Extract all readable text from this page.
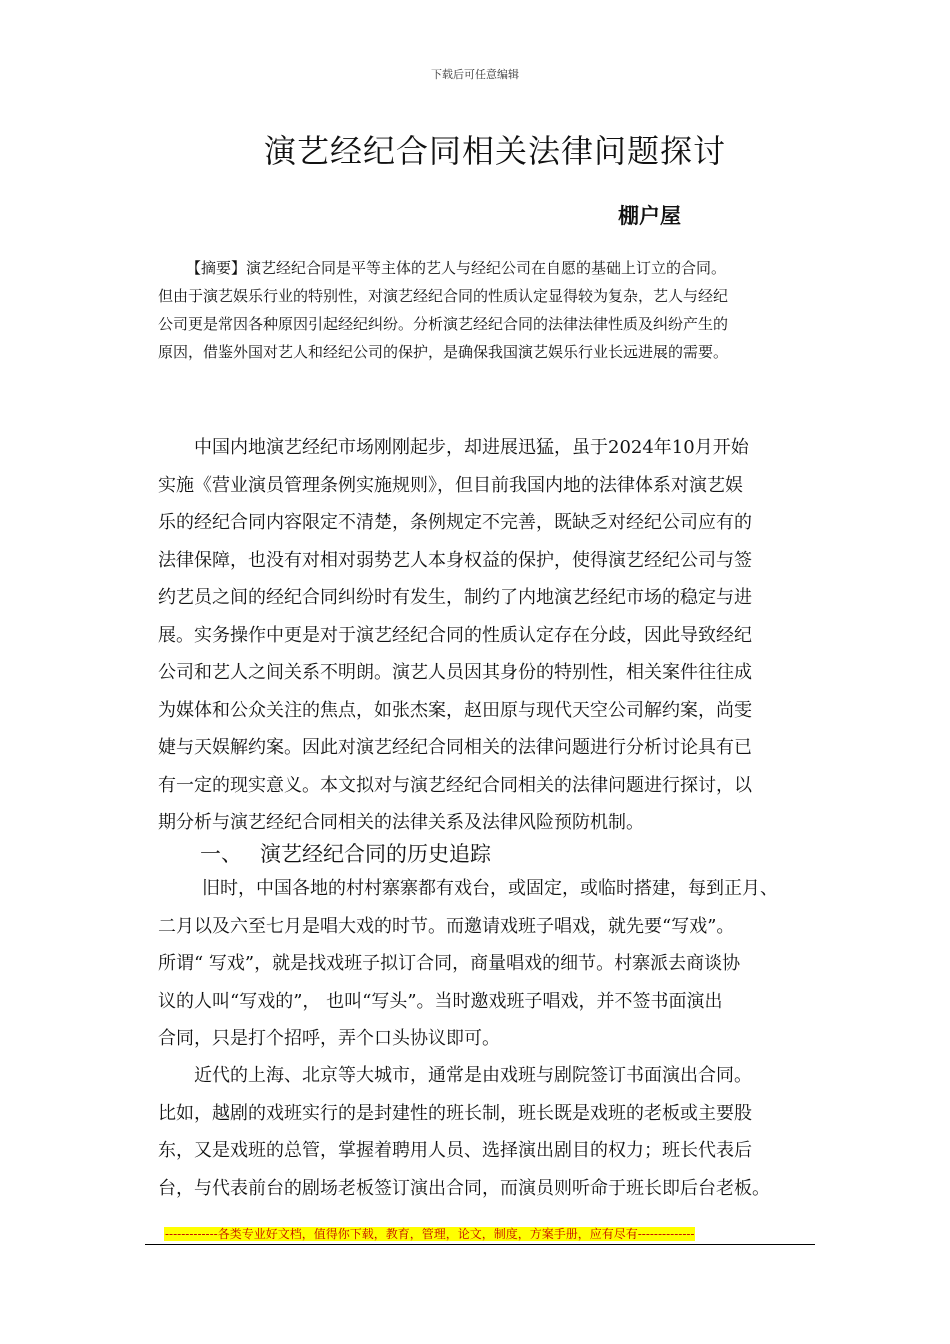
下载后可任意编辑
演艺经纪合同相关法律问题探讨
棚户屋
【摘要】演艺经纪合同是平等主体的艺人与经纪公司在自愿的基础上订立的合同。
但由于演艺娱乐行业的特别性，对演艺经纪合同的性质认定显得较为复杂，艺人与经纪
公司更是常因各种原因引起经纪纠纷。分析演艺经纪合同的法律法律性质及纠纷产生的
原因，借鉴外国对艺人和经纪公司的保护，是确保我国演艺娱乐行业长远进展的需要。
中国内地演艺经纪市场刚刚起步，却进展迅猛，虽于2024年10月开始
实施《营业演员管理条例实施规则》，但目前我国内地的法律体系对演艺娱
乐的经纪合同内容限定不清楚，条例规定不完善，既缺乏对经纪公司应有的
法律保障，也没有对相对弱势艺人本身权益的保护，使得演艺经纪公司与签
约艺员之间的经纪合同纠纷时有发生，制约了内地演艺经纪市场的稳定与进
展。实务操作中更是对于演艺经纪合同的性质认定存在分歧，因此导致经纪
公司和艺人之间关系不明朗。演艺人员因其身份的特别性，相关案件往往成
为媒体和公众关注的焦点，如张杰案，赵田原与现代天空公司解约案，尚雯
婕与天娱解约案。因此对演艺经纪合同相关的法律问题进行分析讨论具有已
有一定的现实意义。本文拟对与演艺经纪合同相关的法律问题进行探讨，以
期分析与演艺经纪合同相关的法律关系及法律风险预防机制。
一、 演艺经纪合同的历史追踪
旧时，中国各地的村村寨寨都有戏台，或固定，或临时搭建，每到正月、
二月以及六至七月是唱大戏的时节。而邀请戏班子唱戏，就先要“写戏”。
所谓“ 写戏”，就是找戏班子拟订合同，商量唱戏的细节。村寨派去商谈协
议的人叫“写戏的”， 也叫“写头”。当时邀戏班子唱戏，并不签书面演出
合同，只是打个招呼，弄个口头协议即可。
近代的上海、北京等大城市，通常是由戏班与剧院签订书面演出合同。
比如，越剧的戏班实行的是封建性的班长制，班长既是戏班的老板或主要股
东，又是戏班的总管，掌握着聘用人员、选择演出剧目的权力；班长代表后
台，与代表前台的剧场老板签订演出合同，而演员则听命于班长即后台老板。
-------------各类专业好文档，值得你下载，教育，管理，论文，制度，方案手册，应有尽有--------------
